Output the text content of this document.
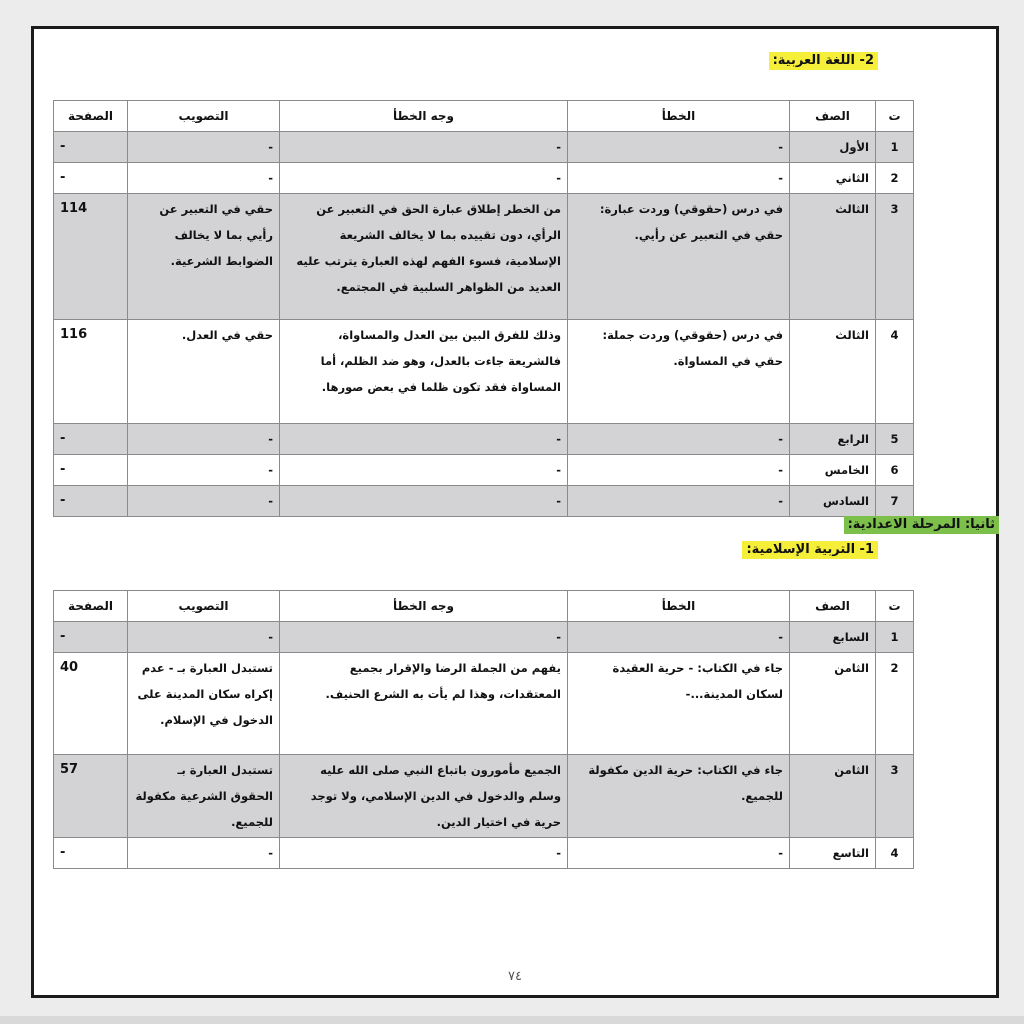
2- اللغة العربية:
ت	الصف	الخطأ	وجه الخطأ	التصويب	الصفحة
1	الأول	-	-	-	-
2	الثاني	-	-	-	-
3	الثالث	في درس (حقوقي) وردت عبارة: حقي في التعبير عن رأيي.	من الخطر إطلاق عبارة الحق في التعبير عن الرأي، دون تقييده بما لا يخالف الشريعة الإسلامية، فسوء الفهم لهذه العبارة يترتب عليه العديد من الظواهر السلبية في المجتمع.	حقي في التعبير عن رأيي بما لا يخالف الضوابط الشرعية.	114
4	الثالث	في درس (حقوقي) وردت جملة: حقي في المساواة.	وذلك للفرق البين بين العدل والمساواة، فالشريعة جاءت بالعدل، وهو ضد الظلم، أما المساواة فقد تكون ظلما في بعض صورها.	حقي في العدل.	116
5	الرابع	-	-	-	-
6	الخامس	-	-	-	-
7	السادس	-	-	-	-
ثانيا: المرحلة الاعدادية:
1- التربية الإسلامية:
ت	الصف	الخطأ	وجه الخطأ	التصويب	الصفحة
1	السابع	-	-	-	-
2	الثامن	جاء في الكتاب: - حرية العقيدة لسكان المدينة...-	يفهم من الجملة الرضا والإقرار بجميع المعتقدات، وهذا لم يأت به الشرع الحنيف.	تستبدل العبارة بـ - عدم إكراه سكان المدينة على الدخول في الإسلام.	40
3	الثامن	جاء في الكتاب: حرية الدين مكفولة للجميع.	الجميع مأمورون باتباع النبي صلى الله عليه وسلم والدخول في الدين الإسلامي، ولا توجد حرية في اختيار الدين.	تستبدل العبارة بـ الحقوق الشرعية مكفولة للجميع.	57
4	التاسع	-	-	-	-
٧٤
